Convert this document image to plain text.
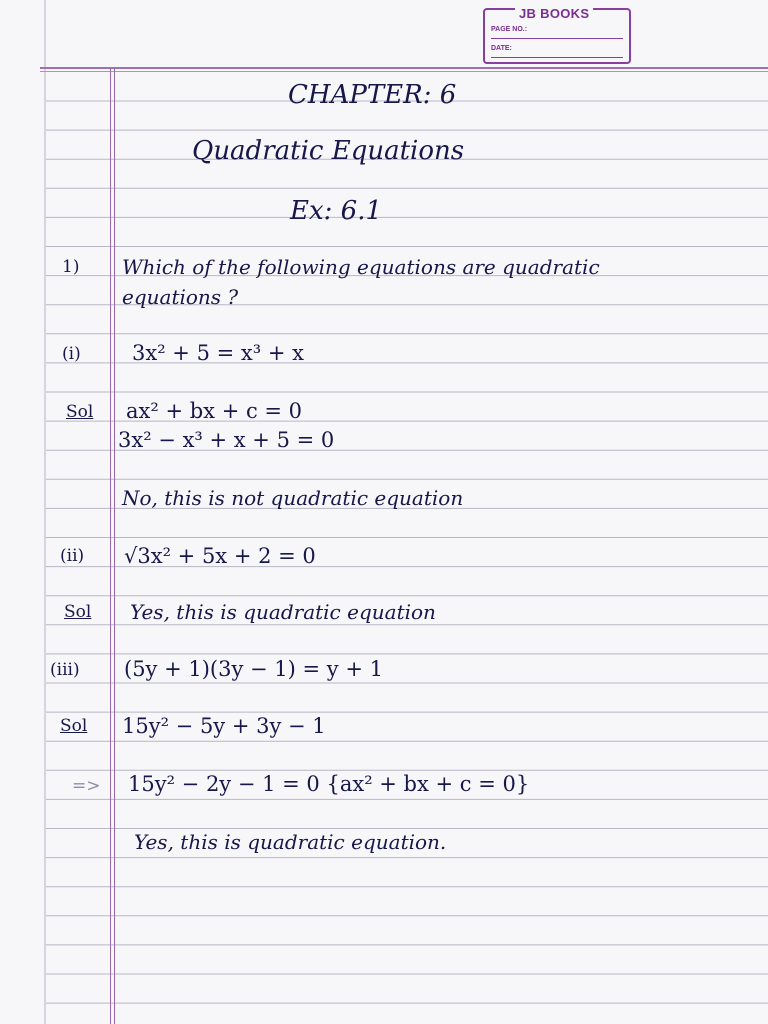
JB BOOKS
PAGE NO.:
DATE:
CHAPTER: 6
Quadratic Equations
Ex: 6.1
1) Which of the following equations are quadratic
equations ?
(i) 3x² + 5 = x³ + x
Sol ax² + bx + c = 0
3x² − x³ + x + 5 = 0
No, this is not quadratic equation
(ii) √3x² + 5x + 2 = 0
Sol Yes, this is quadratic equation
(iii) (5y + 1)(3y − 1) = y + 1
Sol 15y² − 5y + 3y − 1
=> 15y² − 2y − 1 = 0 {ax² + bx + c = 0}
Yes, this is quadratic equation.
